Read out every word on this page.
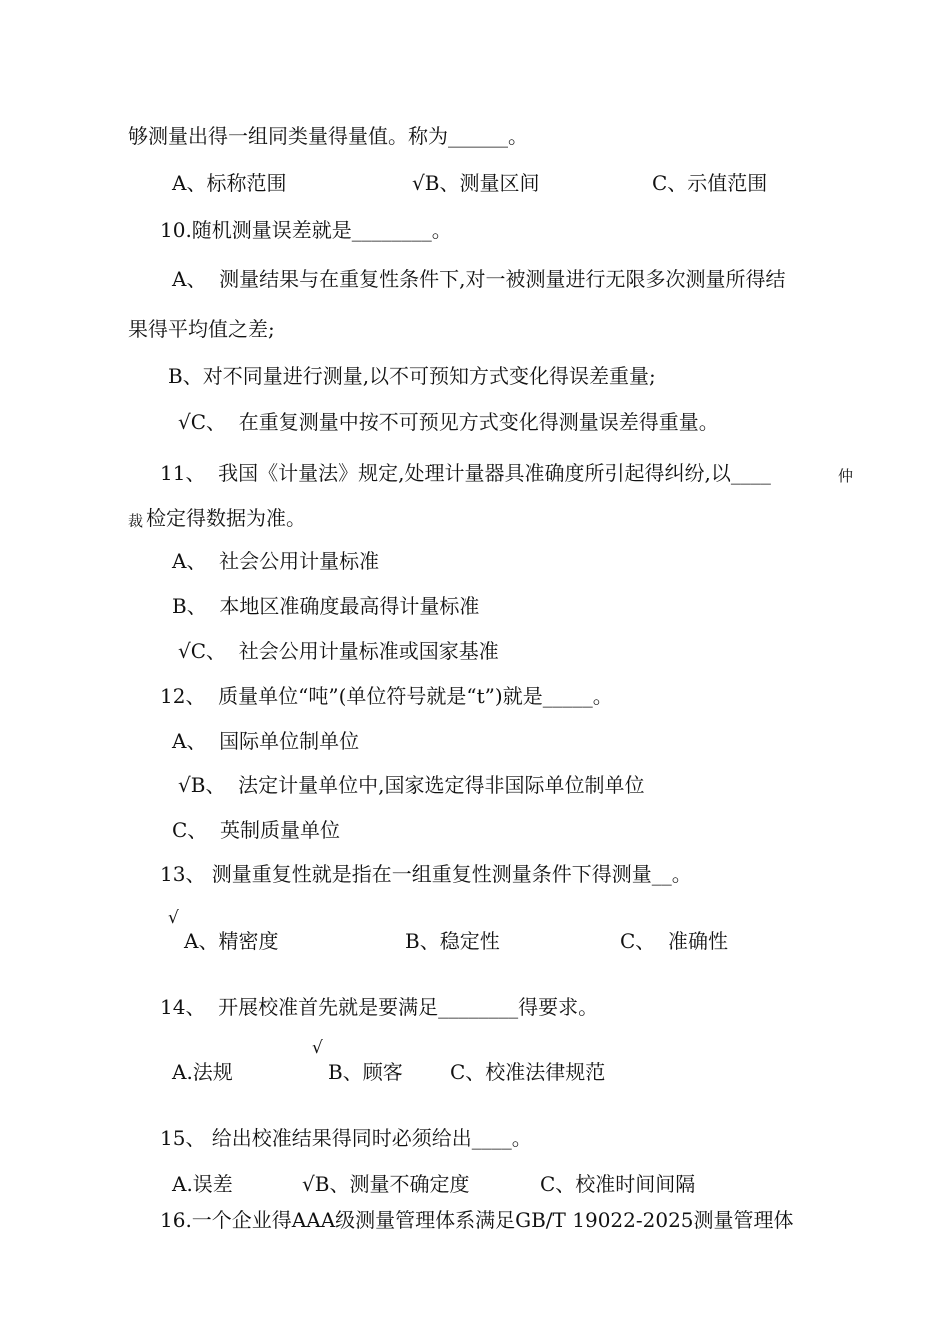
够测量出得一组同类量得量值。称为______。
A、标称范围	√B、测量区间	C、示值范围
10.随机测量误差就是________。
A、  测量结果与在重复性条件下,对一被测量进行无限多次测量所得结
果得平均值之差;
B、对不同量进行测量,以不可预知方式变化得误差重量;
√C、  在重复测量中按不可预见方式变化得测量误差得重量。
11、  我国《计量法》规定,处理计量器具准确度所引起得纠纷,以____	仲
裁 检定得数据为准。
A、  社会公用计量标准
B、  本地区准确度最高得计量标准
√C、  社会公用计量标准或国家基准
12、  质量单位“吨”(单位符号就是“t”)就是_____。
A、  国际单位制单位
√B、  法定计量单位中,国家选定得非国际单位制单位
C、  英制质量单位
13、 测量重复性就是指在一组重复性测量条件下得测量__。
√
A、精密度	B、稳定性	C、  准确性
14、  开展校准首先就是要满足________得要求。
√
A.法规	B、顾客 C、校准法律规范
15、 给出校准结果得同时必须给出____。
A.误差	√B、测量不确定度	C、校准时间间隔
16.一个企业得AAA级测量管理体系满足GB/T 19022-2025测量管理体
